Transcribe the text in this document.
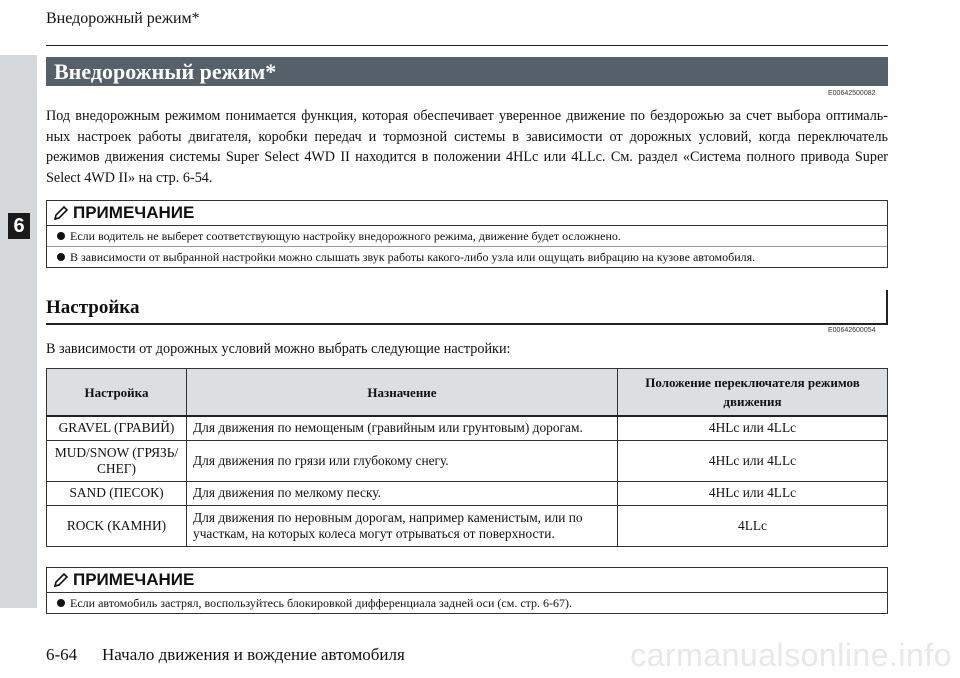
6
Внедорожный режим*
Внедорожный режим*
E00642500082
Под внедорожным режимом понимается функция, которая обеспечивает уверенное движение по бездорожью за счет выбора оптималь-ных настроек работы двигателя, коробки передач и тормозной системы в зависимости от дорожных условий, когда переключатель режимов движения системы Super Select 4WD II находится в положении 4HLc или 4LLc. См. раздел «Система полного привода Super Select 4WD II» на стр. 6-54.
ПРИМЕЧАНИЕ
Если водитель не выберет соответствующую настройку внедорожного режима, движение будет осложнено.
В зависимости от выбранной настройки можно слышать звук работы какого-либо узла или ощущать вибрацию на кузове автомобиля.
Настройка
E00642600054
В зависимости от дорожных условий можно выбрать следующие настройки:
Настройка	Назначение	Положение переключателя режимов движения
GRAVEL (ГРАВИЙ)	Для движения по немощеным (гравийным или грунтовым) дорогам.	4HLc или 4LLc
MUD/SNOW (ГРЯЗЬ/СНЕГ)	Для движения по грязи или глубокому снегу.	4HLc или 4LLc
SAND (ПЕСОК)	Для движения по мелкому песку.	4HLc или 4LLc
ROCK (КАМНИ)	Для движения по неровным дорогам, например каменистым, или по участкам, на которых колеса могут отрываться от поверхности.	4LLc
ПРИМЕЧАНИЕ
Если автомобиль застрял, воспользуйтесь блокировкой дифференциала задней оси (см. стр. 6-67).
6-64 Начало движения и вождение автомобиля	carmanualsonline.info
